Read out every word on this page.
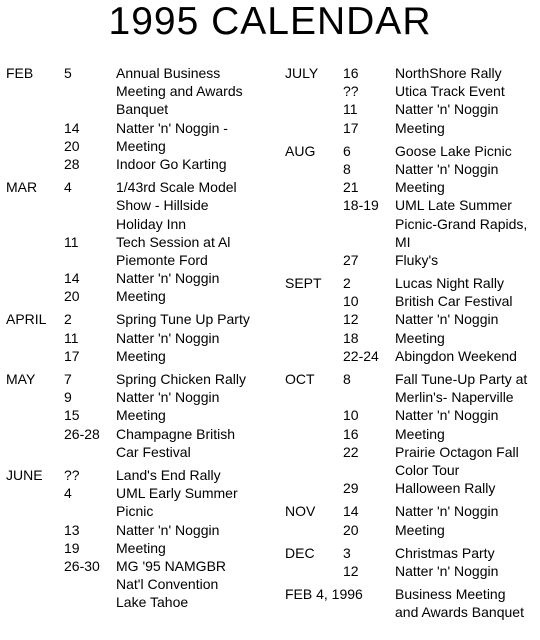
1995 CALENDAR
FEB 5	Annual Business
Meeting and Awards
Banquet
14	Natter 'n' Noggin -
20	Meeting
28	Indoor Go Karting
MAR 4	1/43rd Scale Model
Show - Hillside
Holiday Inn
11	Tech Session at Al
Piemonte Ford
14	Natter 'n' Noggin
20	Meeting
APRIL 2	Spring Tune Up Party
11	Natter 'n' Noggin
17	Meeting
MAY 7	Spring Chicken Rally
9	Natter 'n' Noggin
15	Meeting
26-28 Champagne British
Car Festival
JUNE ??	Land's End Rally
4	UML Early Summer
Picnic
13	Natter 'n' Noggin
19	Meeting
26-30 MG '95 NAMGBR
Nat'l Convention
Lake Tahoe
JULY 16	NorthShore Rally
??	Utica Track Event
11	Natter 'n' Noggin
17	Meeting
AUG 6	Goose Lake Picnic
8	Natter 'n' Noggin
21	Meeting
18-19 UML Late Summer
Picnic-Grand Rapids,
MI
27	Fluky's
SEPT 2	Lucas Night Rally
10	British Car Festival
12	Natter 'n' Noggin
18	Meeting
22-24 Abingdon Weekend
OCT 8	Fall Tune-Up Party at
Merlin's- Naperville
10	Natter 'n' Noggin
16	Meeting
22	Prairie Octagon Fall
Color Tour
29	Halloween Rally
NOV 14	Natter 'n' Noggin
20	Meeting
DEC 3	Christmas Party
12	Natter 'n' Noggin
FEB 4, 1996 Business Meeting
and Awards Banquet
